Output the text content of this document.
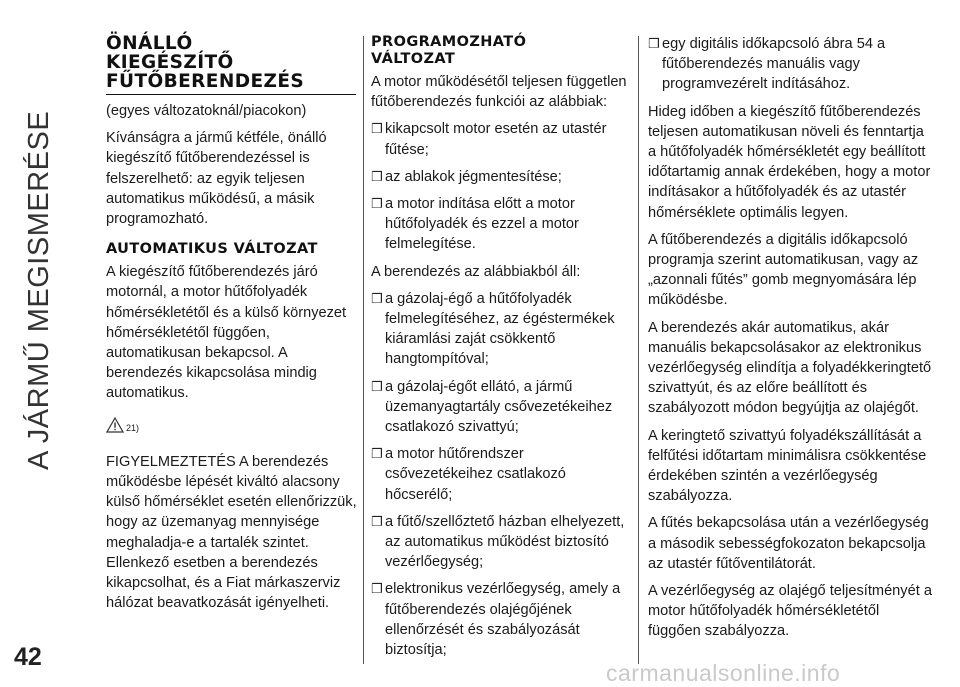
A JÁRMŰ MEGISMERÉSE
42
ÖNÁLLÓ
KIEGÉSZÍTŐ
FŰTŐBERENDEZÉS

(egyes változatoknál/piacokon)

Kívánságra a jármű kétféle, önálló kiegészítő fűtőberendezéssel is felszerelhető: az egyik teljesen automatikus működésű, a másik programozható.

AUTOMATIKUS VÁLTOZAT

A kiegészítő fűtőberendezés járó motornál, a motor hűtőfolyadék hőmérsékletétől és a külső környezet hőmérsékletétől függően, automatikusan bekapcsol. A berendezés kikapcsolása mindig automatikus.

21)

FIGYELMEZTETÉS A berendezés működésbe lépését kiváltó alacsony külső hőmérséklet esetén ellenőrizzük, hogy az üzemanyag mennyisége meghaladja-e a tartalék szintet. Ellenkező esetben a berendezés kikapcsolhat, és a Fiat márkaszerviz hálózat beavatkozását igényelheti.

PROGRAMOZHATÓ
VÁLTOZAT

A motor működésétől teljesen független fűtőberendezés funkciói az alábbiak:

❒ kikapcsolt motor esetén az utastér fűtése;
❒ az ablakok jégmentesítése;
❒ a motor indítása előtt a motor hűtőfolyadék és ezzel a motor felmelegítése.

A berendezés az alábbiakból áll:

❒ a gázolaj-égő a hűtőfolyadék felmelegítéséhez, az égéstermékek kiáramlási zaját csökkentő hangtompítóval;
❒ a gázolaj-égőt ellátó, a jármű üzemanyagtartály csővezetékeihez csatlakozó szivattyú;
❒ a motor hűtőrendszer csővezetékeihez csatlakozó hőcserélő;
❒ a fűtő/szellőztető házban elhelyezett, az automatikus működést biztosító vezérlőegység;
❒ elektronikus vezérlőegység, amely a fűtőberendezés olajégőjének ellenőrzését és szabályozását biztosítja;
❒ egy digitális időkapcsoló ábra 54 a fűtőberendezés manuális vagy programvezérelt indításához.

Hideg időben a kiegészítő fűtőberendezés teljesen automatikusan növeli és fenntartja a hűtőfolyadék hőmérsékletét egy beállított időtartamig annak érdekében, hogy a motor indításakor a hűtőfolyadék és az utastér hőmérséklete optimális legyen.

A fűtőberendezés a digitális időkapcsoló programja szerint automatikusan, vagy az „azonnali fűtés” gomb megnyomására lép működésbe.

A berendezés akár automatikus, akár manuális bekapcsolásakor az elektronikus vezérlőegység elindítja a folyadékkeringtető szivattyút, és az előre beállított és szabályozott módon begyújtja az olajégőt.

A keringtető szivattyú folyadékszállítását a felfűtési időtartam minimálisra csökkentése érdekében szintén a vezérlőegység szabályozza.

A fűtés bekapcsolása után a vezérlőegység a második sebességfokozaton bekapcsolja az utastér fűtőventilátorát.

A vezérlőegység az olajégő teljesítményét a motor hűtőfolyadék hőmérsékletétől függően szabályozza.

carmanualsonline.info
